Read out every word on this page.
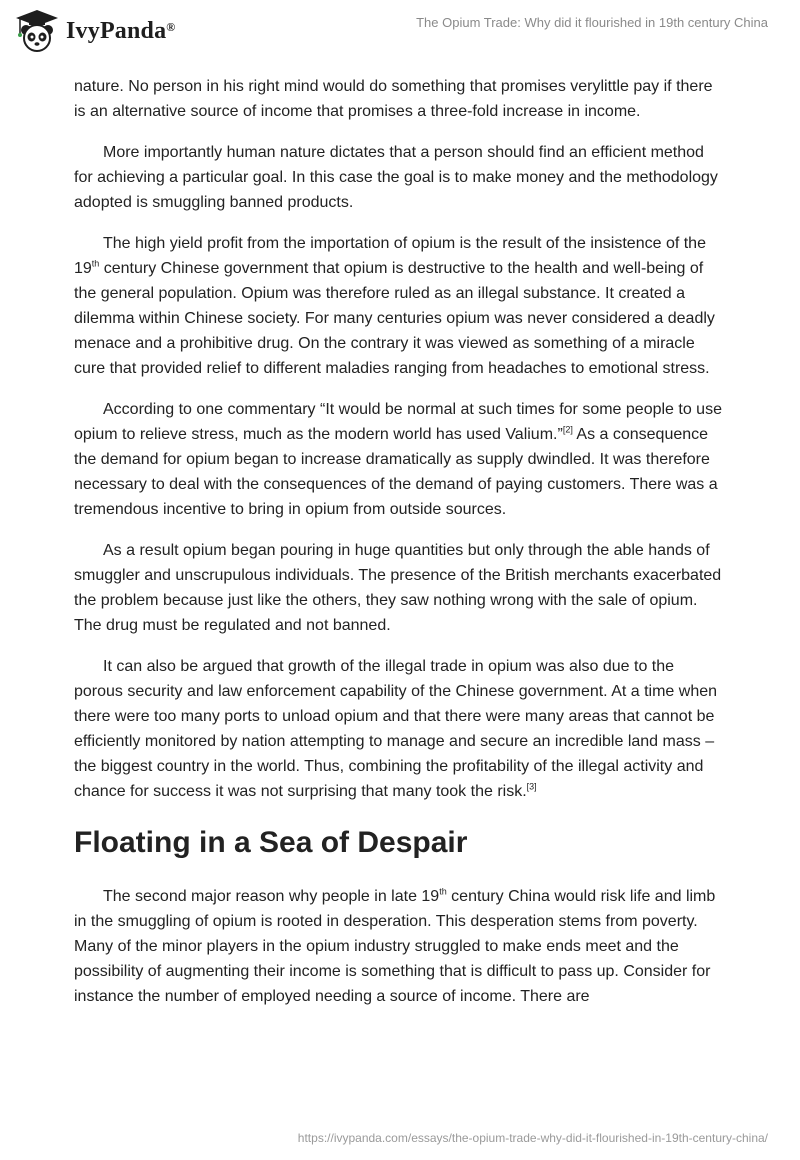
IvyPanda®	The Opium Trade: Why did it flourished in 19th century China

nature. No person in his right mind would do something that promises verylittle pay if there is an alternative source of income that promises a three-fold increase in income.

More importantly human nature dictates that a person should find an efficient method for achieving a particular goal. In this case the goal is to make money and the methodology adopted is smuggling banned products.

The high yield profit from the importation of opium is the result of the insistence of the 19th century Chinese government that opium is destructive to the health and well-being of the general population. Opium was therefore ruled as an illegal substance. It created a dilemma within Chinese society. For many centuries opium was never considered a deadly menace and a prohibitive drug. On the contrary it was viewed as something of a miracle cure that provided relief to different maladies ranging from headaches to emotional stress.

According to one commentary “It would be normal at such times for some people to use opium to relieve stress, much as the modern world has used Valium.”[2] As a consequence the demand for opium began to increase dramatically as supply dwindled. It was therefore necessary to deal with the consequences of the demand of paying customers. There was a tremendous incentive to bring in opium from outside sources.

As a result opium began pouring in huge quantities but only through the able hands of smuggler and unscrupulous individuals. The presence of the British merchants exacerbated the problem because just like the others, they saw nothing wrong with the sale of opium. The drug must be regulated and not banned.

It can also be argued that growth of the illegal trade in opium was also due to the porous security and law enforcement capability of the Chinese government. At a time when there were too many ports to unload opium and that there were many areas that cannot be efficiently monitored by nation attempting to manage and secure an incredible land mass – the biggest country in the world. Thus, combining the profitability of the illegal activity and chance for success it was not surprising that many took the risk.[3]

Floating in a Sea of Despair

The second major reason why people in late 19th century China would risk life and limb in the smuggling of opium is rooted in desperation. This desperation stems from poverty. Many of the minor players in the opium industry struggled to make ends meet and the possibility of augmenting their income is something that is difficult to pass up. Consider for instance the number of employed needing a source of income. There are

https://ivypanda.com/essays/the-opium-trade-why-did-it-flourished-in-19th-century-china/
